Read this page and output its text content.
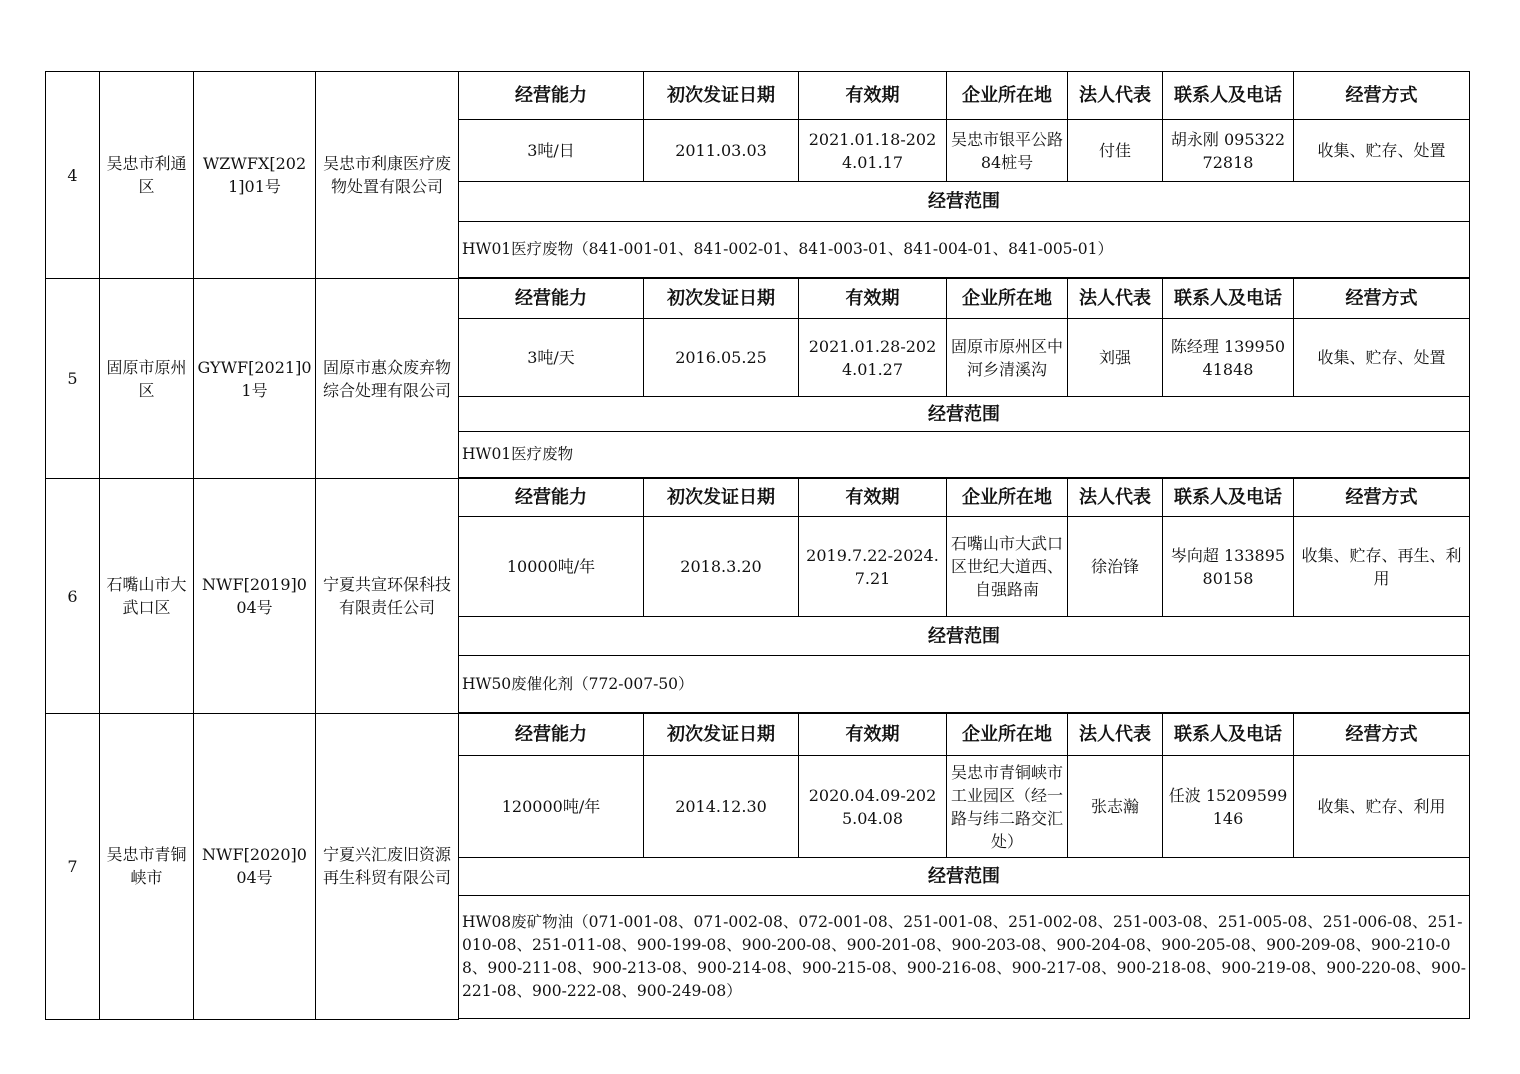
4	吴忠市利通区	WZWFX[2021]01号	吴忠市利康医疗废物处置有限公司	经营能力	初次发证日期	有效期	企业所在地	法人代表	联系人及电话	经营方式
				3吨/日	2011.03.03	2021.01.18-2024.01.17	吴忠市银平公路84桩号	付佳	胡永刚 09532272818	收集、贮存、处置
				经营范围						
				HW01医疗废物（841-001-01、841-002-01、841-003-01、841-004-01、841-005-01）						

5	固原市原州区	GYWF[2021]01号	固原市惠众废弃物综合处理有限公司	经营能力	初次发证日期	有效期	企业所在地	法人代表	联系人及电话	经营方式
				3吨/天	2016.05.25	2021.01.28-2024.01.27	固原市原州区中河乡清溪沟	刘强	陈经理 13995041848	收集、贮存、处置
				经营范围						
				HW01医疗废物						

6	石嘴山市大武口区	NWF[2019]004号	宁夏共宣环保科技有限责任公司	经营能力	初次发证日期	有效期	企业所在地	法人代表	联系人及电话	经营方式
				10000吨/年	2018.3.20	2019.7.22-2024.7.21	石嘴山市大武口区世纪大道西、自强路南	徐治锋	岑向超 13389580158	收集、贮存、再生、利用
				经营范围						
				HW50废催化剂（772-007-50）						

7	吴忠市青铜峡市	NWF[2020]004号	宁夏兴汇废旧资源再生科贸有限公司	经营能力	初次发证日期	有效期	企业所在地	法人代表	联系人及电话	经营方式
				120000吨/年	2014.12.30	2020.04.09-2025.04.08	吴忠市青铜峡市工业园区（经一路与纬二路交汇处）	张志瀚	任波 15209599146	收集、贮存、利用
				经营范围						
				HW08废矿物油（071-001-08、071-002-08、072-001-08、251-001-08、251-002-08、251-003-08、251-005-08、251-006-08、251-010-08、251-011-08、900-199-08、900-200-08、900-201-08、900-203-08、900-204-08、900-205-08、900-209-08、900-210-08、900-211-08、900-213-08、900-214-08、900-215-08、900-216-08、900-217-08、900-218-08、900-219-08、900-220-08、900-221-08、900-222-08、900-249-08）						
